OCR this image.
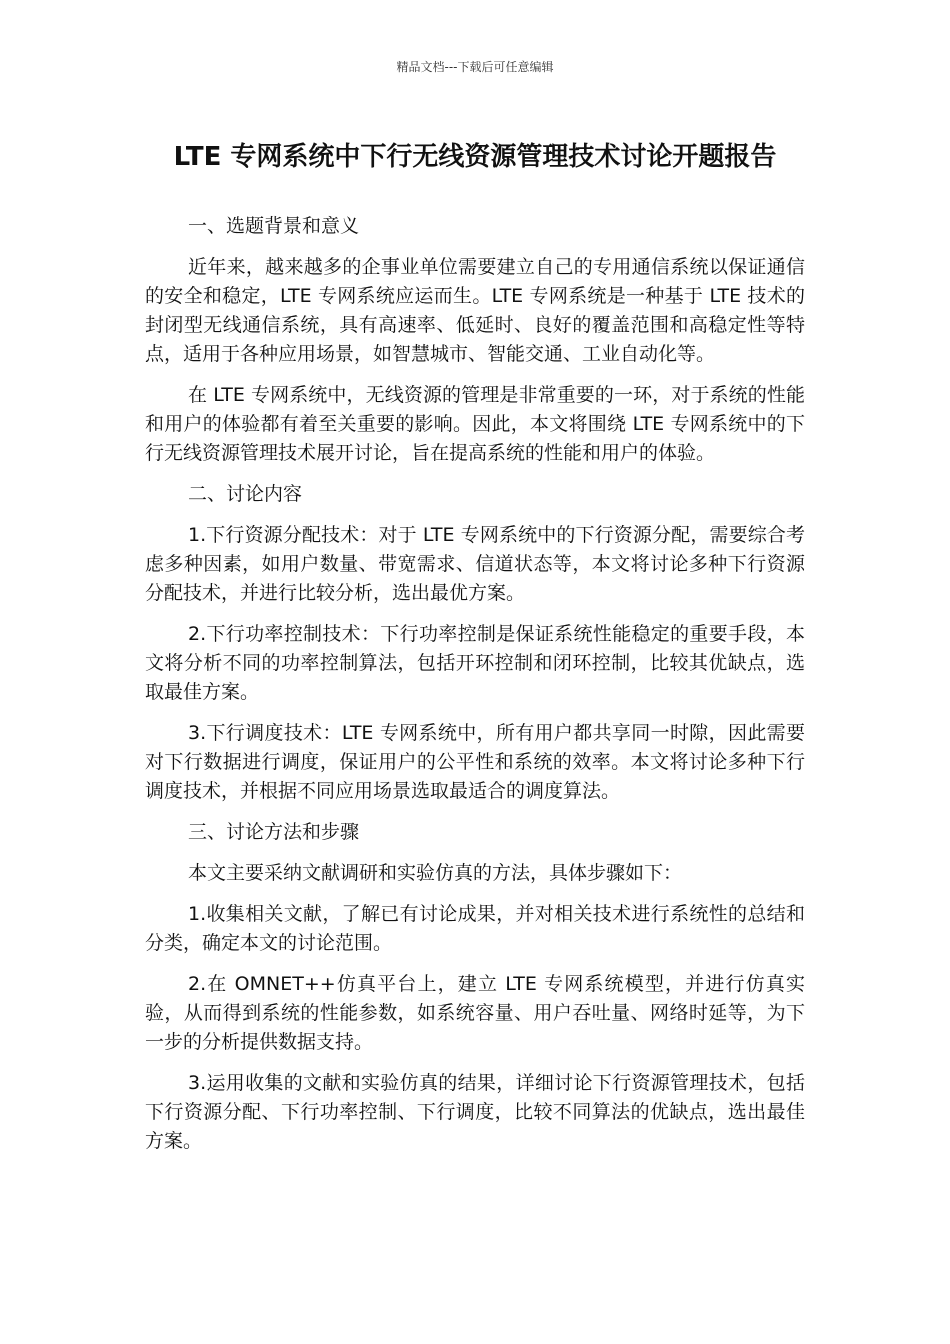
精品文档---下载后可任意编辑
LTE 专网系统中下行无线资源管理技术讨论开题报告

一、选题背景和意义

近年来，越来越多的企事业单位需要建立自己的专用通信系统以保证通信的安全和稳定，LTE 专网系统应运而生。LTE 专网系统是一种基于 LTE 技术的封闭型无线通信系统，具有高速率、低延时、良好的覆盖范围和高稳定性等特点，适用于各种应用场景，如智慧城市、智能交通、工业自动化等。

在 LTE 专网系统中，无线资源的管理是非常重要的一环，对于系统的性能和用户的体验都有着至关重要的影响。因此，本文将围绕 LTE 专网系统中的下行无线资源管理技术展开讨论，旨在提高系统的性能和用户的体验。

二、讨论内容

1.下行资源分配技术：对于 LTE 专网系统中的下行资源分配，需要综合考虑多种因素，如用户数量、带宽需求、信道状态等，本文将讨论多种下行资源分配技术，并进行比较分析，选出最优方案。

2.下行功率控制技术：下行功率控制是保证系统性能稳定的重要手段，本文将分析不同的功率控制算法，包括开环控制和闭环控制，比较其优缺点，选取最佳方案。

3.下行调度技术：LTE 专网系统中，所有用户都共享同一时隙，因此需要对下行数据进行调度，保证用户的公平性和系统的效率。本文将讨论多种下行调度技术，并根据不同应用场景选取最适合的调度算法。

三、讨论方法和步骤

本文主要采纳文献调研和实验仿真的方法，具体步骤如下：

1.收集相关文献，了解已有讨论成果，并对相关技术进行系统性的总结和分类，确定本文的讨论范围。

2.在 OMNET++仿真平台上，建立 LTE 专网系统模型，并进行仿真实验，从而得到系统的性能参数，如系统容量、用户吞吐量、网络时延等，为下一步的分析提供数据支持。

3.运用收集的文献和实验仿真的结果，详细讨论下行资源管理技术，包括下行资源分配、下行功率控制、下行调度，比较不同算法的优缺点，选出最佳方案。
